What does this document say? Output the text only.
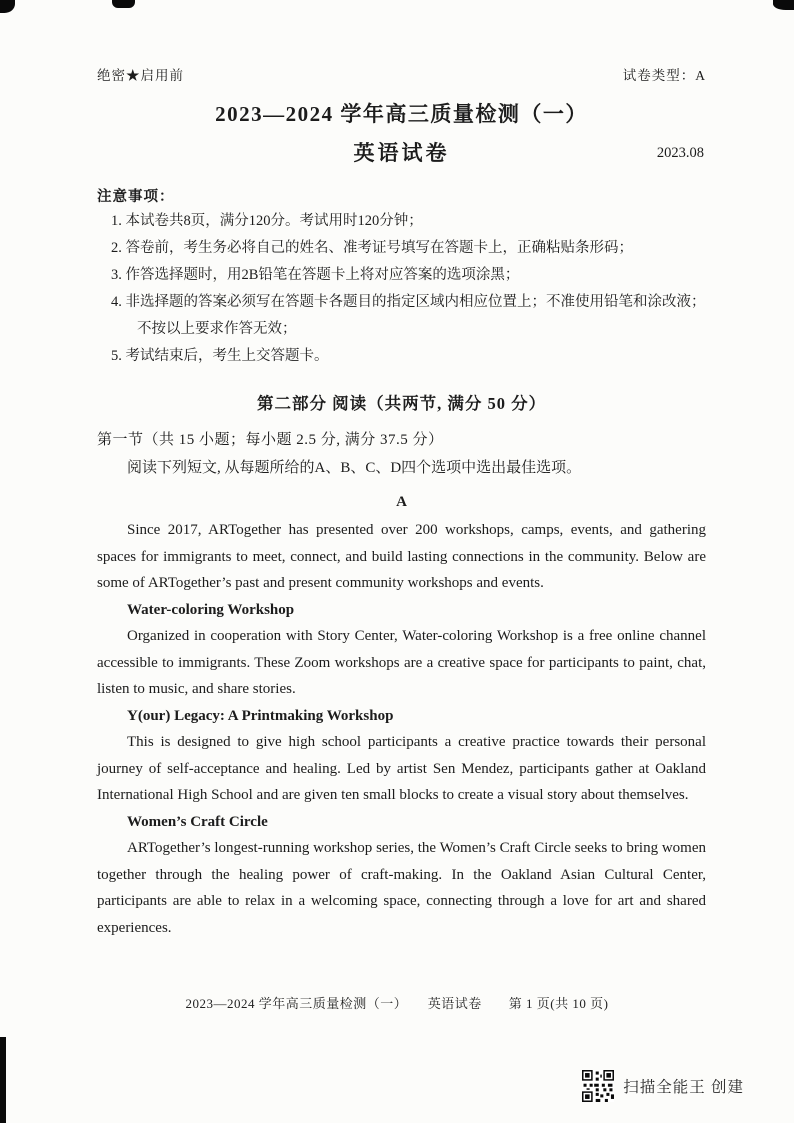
绝密★启用前	试卷类型：A
2023—2024 学年高三质量检测（一）
英语试卷	2023.08
注意事项：
1. 本试卷共8页，满分120分。考试用时120分钟；
2. 答卷前，考生务必将自己的姓名、准考证号填写在答题卡上，正确粘贴条形码；
3. 作答选择题时，用2B铅笔在答题卡上将对应答案的选项涂黑；
4. 非选择题的答案必须写在答题卡各题目的指定区域内相应位置上；不准使用铅笔和涂改液；不按以上要求作答无效；
5. 考试结束后，考生上交答题卡。
第二部分 阅读（共两节, 满分 50 分）
第一节（共 15 小题；每小题 2.5 分, 满分 37.5 分）
阅读下列短文, 从每题所给的A、B、C、D四个选项中选出最佳选项。
A

Since 2017, ARTogether has presented over 200 workshops, camps, events, and gathering spaces for immigrants to meet, connect, and build lasting connections in the community. Below are some of ARTogether’s past and present community workshops and events.

Water-coloring Workshop

Organized in cooperation with Story Center, Water-coloring Workshop is a free online channel accessible to immigrants. These Zoom workshops are a creative space for participants to paint, chat, listen to music, and share stories.

Y(our) Legacy: A Printmaking Workshop

This is designed to give high school participants a creative practice towards their personal journey of self-acceptance and healing. Led by artist Sen Mendez, participants gather at Oakland International High School and are given ten small blocks to create a visual story about themselves.

Women’s Craft Circle

ARTogether’s longest-running workshop series, the Women’s Craft Circle seeks to bring women together through the healing power of craft-making. In the Oakland Asian Cultural Center, participants are able to relax in a welcoming space, connecting through a love for art and shared experiences.

2023—2024 学年高三质量检测（一）　　英语试卷　　第 1 页(共 10 页)
扫描全能王 创建
